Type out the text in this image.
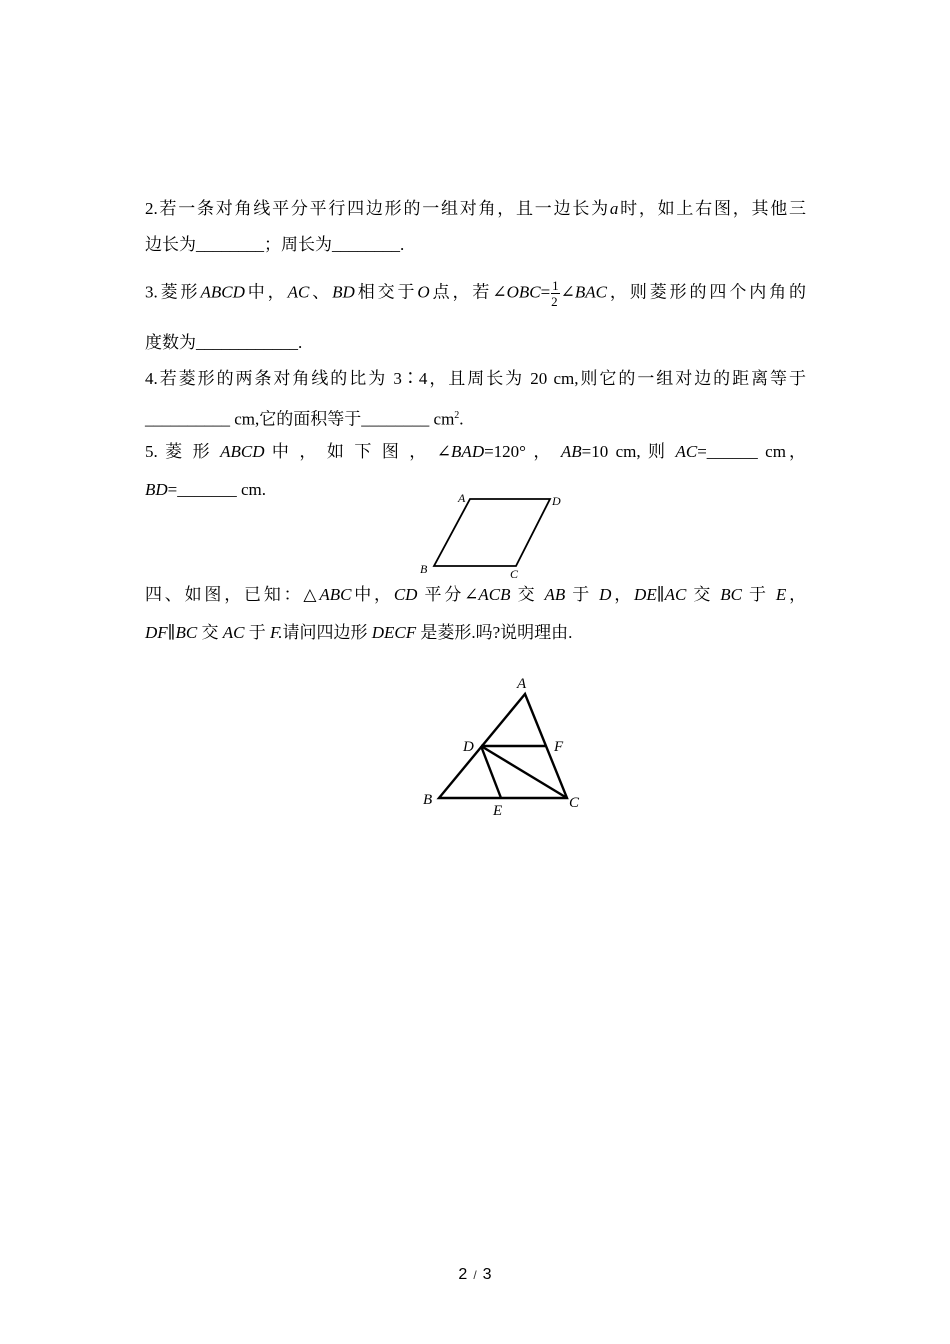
2.若一条对角线平分平行四边形的一组对角，且一边长为a时，如上右图，其他三
边长为________；周长为________.
3.菱形ABCD中，AC、BD相交于O点，若∠OBC= $\frac{1}{2}$ ∠BAC，则菱形的四个内角的
度数为____________.
4.若菱形的两条对角线的比为 3∶4，且周长为 20 cm,则它的一组对边的距离等于
__________ cm,它的面积等于________ $cm^2$.
5. 菱 形 ABCD 中 ， 如 下 图 ， ∠BAD=120° ， AB=10 cm, 则 AC=______ cm，
BD=_______ cm.	A	D
B	C
四、如图，已知：△ABC中，CD 平分∠ACB 交 AB 于 D，DE∥AC 交 BC 于 E，
DF∥BC 交 AC 于 F.请问四边形 DECF 是菱形.吗?说明理由.
A
D	F
B
E	C
2 / 3
